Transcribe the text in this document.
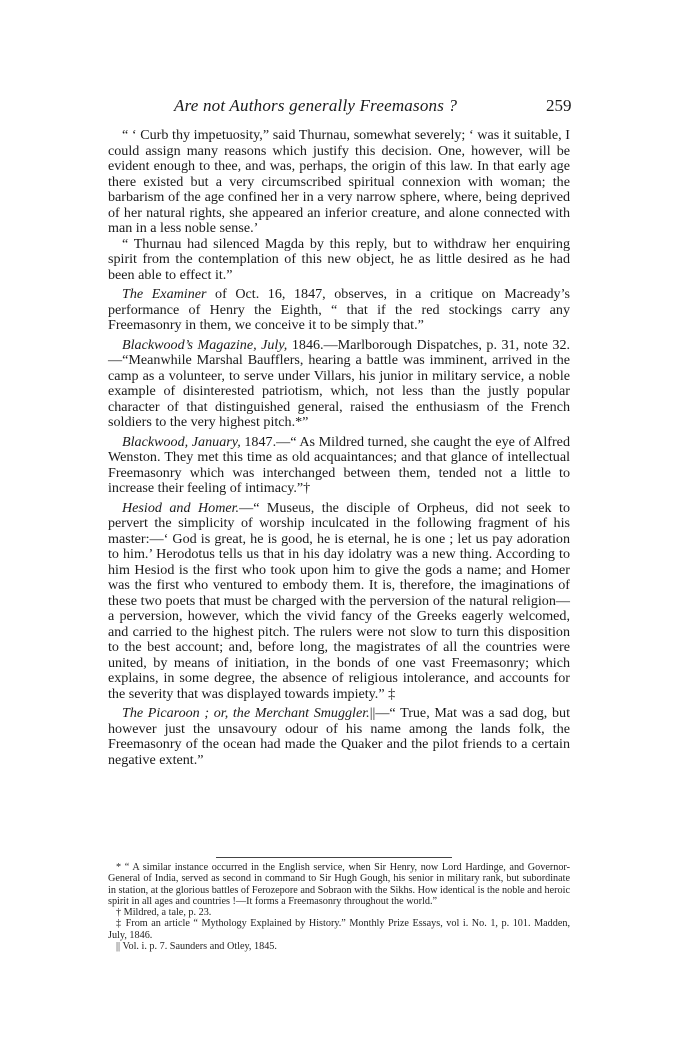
Are not Authors generally Freemasons ?	259

“ ‘ Curb thy impetuosity,” said Thurnau, somewhat severely; ‘ was it suitable, I could assign many reasons which justify this decision. One, however, will be evident enough to thee, and was, perhaps, the origin of this law. In that early age there existed but a very circumscribed spiritual connexion with woman; the barbarism of the age confined her in a very narrow sphere, where, being deprived of her natural rights, she appeared an inferior creature, and alone connected with man in a less noble sense.’

“ Thurnau had silenced Magda by this reply, but to withdraw her enquiring spirit from the contemplation of this new object, he as little desired as he had been able to effect it.”

The Examiner of Oct. 16, 1847, observes, in a critique on Macready’s performance of Henry the Eighth, “ that if the red stockings carry any Freemasonry in them, we conceive it to be simply that.”

Blackwood’s Magazine, July, 1846.—Marlborough Dispatches, p. 31, note 32.—“Meanwhile Marshal Baufflers, hearing a battle was imminent, arrived in the camp as a volunteer, to serve under Villars, his junior in military service, a noble example of disinterested patriotism, which, not less than the justly popular character of that distinguished general, raised the enthusiasm of the French soldiers to the very highest pitch.*”

Blackwood, January, 1847.—“ As Mildred turned, she caught the eye of Alfred Wenston. They met this time as old acquaintances; and that glance of intellectual Freemasonry which was interchanged between them, tended not a little to increase their feeling of intimacy.”†

Hesiod and Homer.—“ Museus, the disciple of Orpheus, did not seek to pervert the simplicity of worship inculcated in the following fragment of his master:—‘ God is great, he is good, he is eternal, he is one ; let us pay adoration to him.’ Herodotus tells us that in his day idolatry was a new thing. According to him Hesiod is the first who took upon him to give the gods a name; and Homer was the first who ventured to embody them. It is, therefore, the imaginations of these two poets that must be charged with the perversion of the natural religion—a perversion, however, which the vivid fancy of the Greeks eagerly welcomed, and carried to the highest pitch. The rulers were not slow to turn this disposition to the best account; and, before long, the magistrates of all the countries were united, by means of initiation, in the bonds of one vast Freemasonry; which explains, in some degree, the absence of religious intolerance, and accounts for the severity that was displayed towards impiety.” ‡

The Picaroon ; or, the Merchant Smuggler.||—“ True, Mat was a sad dog, but however just the unsavoury odour of his name among the lands folk, the Freemasonry of the ocean had made the Quaker and the pilot friends to a certain negative extent.”

* “ A similar instance occurred in the English service, when Sir Henry, now Lord Hardinge, and Governor-General of India, served as second in command to Sir Hugh Gough, his senior in military rank, but subordinate in station, at the glorious battles of Ferozepore and Sobraon with the Sikhs. How identical is the noble and heroic spirit in all ages and countries !—It forms a Freemasonry throughout the world.”

† Mildred, a tale, p. 23.

‡ From an article “ Mythology Explained by History.” Monthly Prize Essays, vol i. No. 1, p. 101. Madden, July, 1846.

|| Vol. i. p. 7. Saunders and Otley, 1845.
